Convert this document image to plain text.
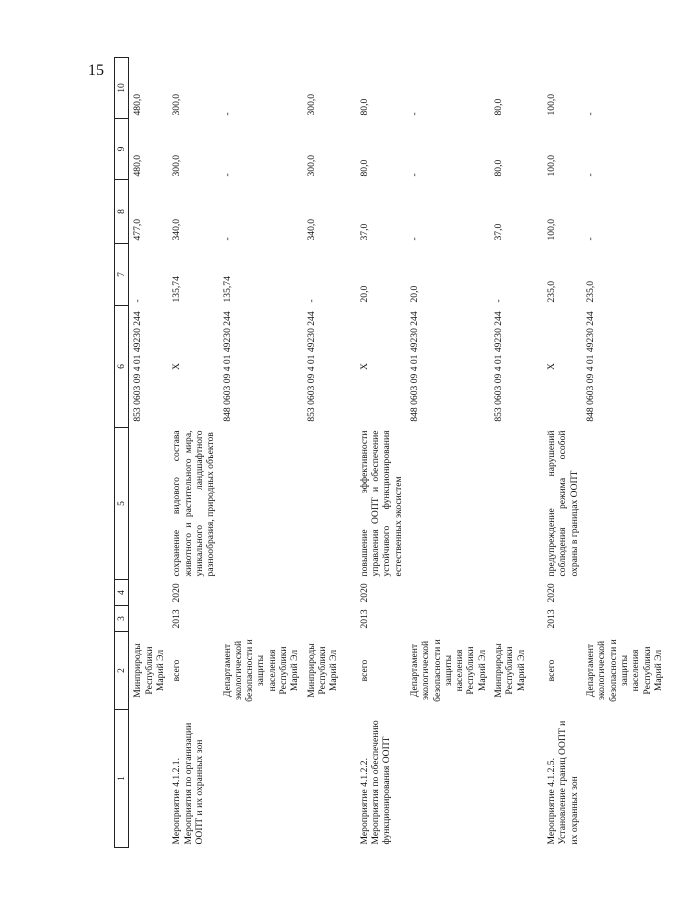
15
1	2	3	4	5	6	7	8	9	10
	Минприроды Республики Марий Эл				853 0603 09 4 01 49230 244	-	477,0	480,0	480,0
Мероприятие 4.1.2.1. Мероприятия по организации ООПТ и их охранных зон	всего	2013	2020	сохранение видового состава животного и растительного мира, уникального ландшафтного разнообразия, природных объектов	Х	135,74	340,0	300,0	300,0
	Департамент экологической безопасности и защиты населения Республики Марий Эл				848 0603 09 4 01 49230 244	135,74	-	-	-
	Минприроды Республики Марий Эл				853 0603 09 4 01 49230 244	-	340,0	300,0	300,0
Мероприятие 4.1.2.2. Мероприятия по обеспечению функционирования ООПТ	всего	2013	2020	повышение эффективности управления ООПТ и обеспечение устойчивого функционирования естественных экосистем	Х	20,0	37,0	80,0	80,0
	Департамент экологической безопасности и защиты населения Республики Марий Эл				848 0603 09 4 01 49230 244	20,0	-	-	-
	Минприроды Республики Марий Эл				853 0603 09 4 01 49230 244	-	37,0	80,0	80,0
Мероприятие 4.1.2.5. Установление границ ООПТ и их охранных зон	всего	2013	2020	предупреждение нарушений соблюдения режима особой охраны в границах ООПТ	Х	235,0	100,0	100,0	100,0
	Департамент экологической безопасности и защиты населения Республики Марий Эл				848 0603 09 4 01 49230 244	235,0	-	-	-
